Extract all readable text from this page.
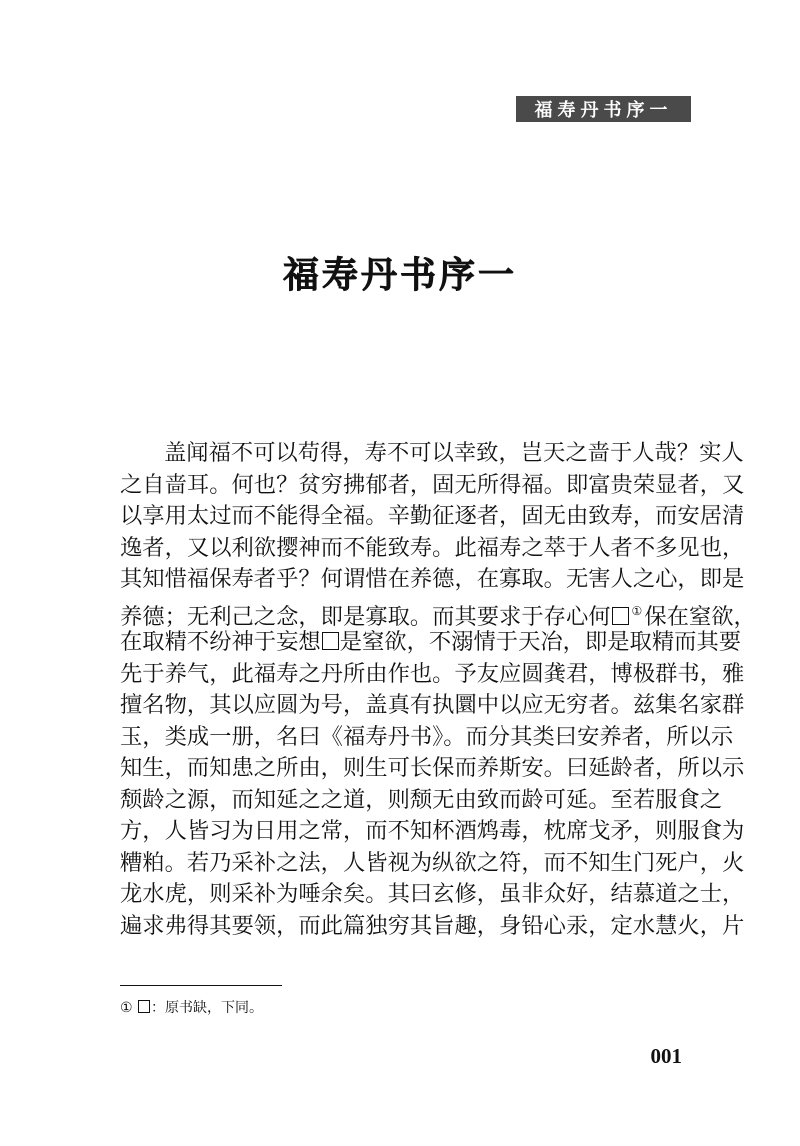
福寿丹书序一
福寿丹书序一
盖闻福不可以苟得，寿不可以幸致，岂天之啬于人哉？实人
之自啬耳。何也？贫穷拂郁者，固无所得福。即富贵荣显者，又
以享用太过而不能得全福。辛勤征逐者，固无由致寿，而安居清
逸者，又以利欲撄神而不能致寿。此福寿之萃于人者不多见也，
其知惜福保寿者乎？何谓惜在养德，在寡取。无害人之心，即是
养德；无利己之念，即是寡取。而其要求于存心何 ①保在窒欲，
在取精不纷神于妄想 是窒欲，不溺情于天冶，即是取精而其要
先于养气，此福寿之丹所由作也。予友应圆龚君，博极群书，雅
擅名物，其以应圆为号，盖真有执圜中以应无穷者。兹集名家群
玉，类成一册，名曰《福寿丹书》。而分其类曰安养者，所以示
知生，而知患之所由，则生可长保而养斯安。曰延龄者，所以示
颓龄之源，而知延之之道，则颓无由致而龄可延。至若服食之
方，人皆习为日用之常，而不知杯酒鸩毒，枕席戈矛，则服食为
糟粕。若乃采补之法，人皆视为纵欲之符，而不知生门死户，火
龙水虎，则采补为唾余矣。其曰玄修，虽非众好，结慕道之士，
遍求弗得其要领，而此篇独穷其旨趣，身铅心汞，定水慧火，片
① ：原书缺，下同。
001
